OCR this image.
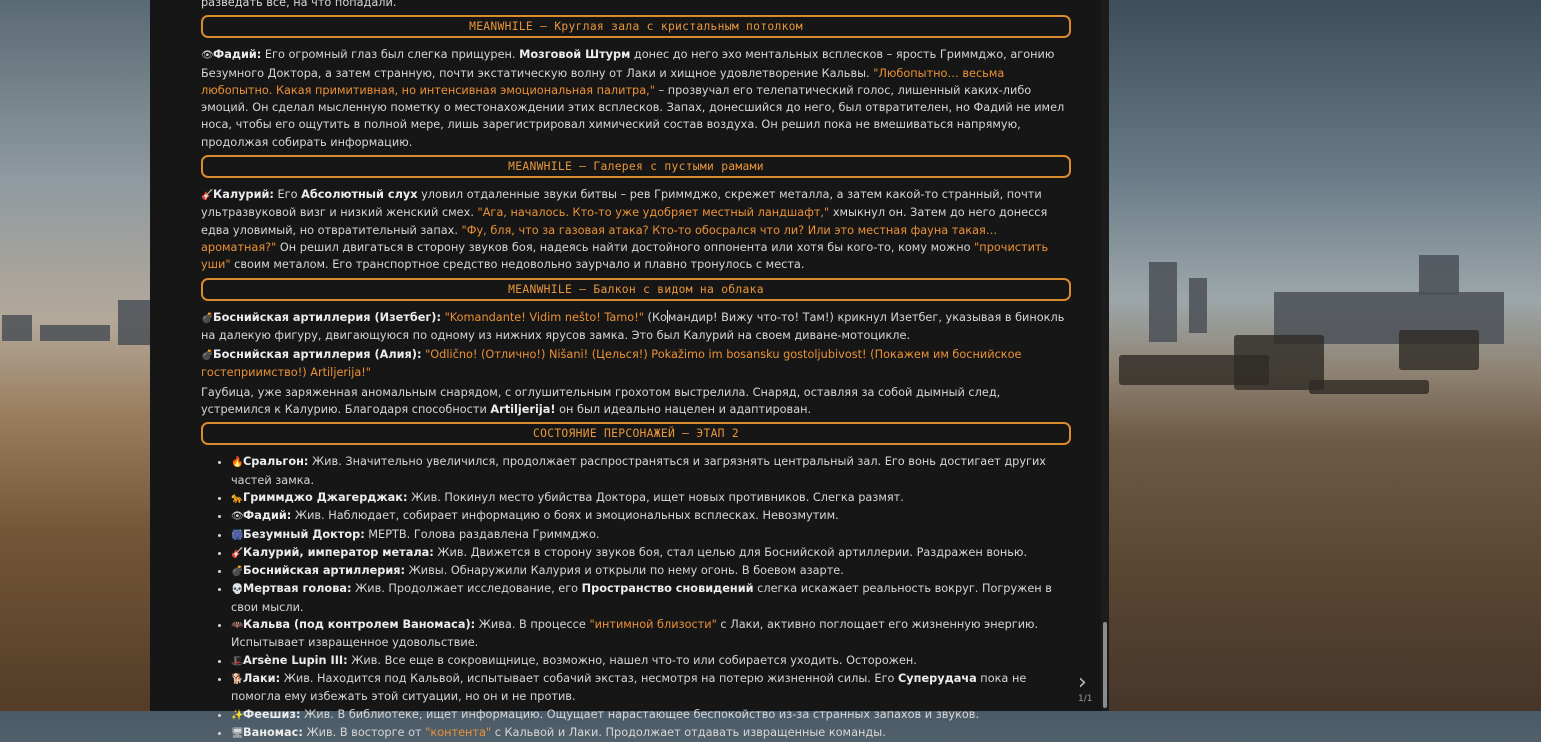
разведать все, на что попадали.
MEANWHILE – Круглая зала с кристальным потолком

👁Фадий: Его огромный глаз был слегка прищурен. Мозговой Штурм донес до него эхо ментальных всплесков – ярость Гриммджо, агонию Безумного Доктора, а затем странную, почти экстатическую волну от Лаки и хищное удовлетворение Кальвы. "Любопытно… весьма любопытно. Какая примитивная, но интенсивная эмоциональная палитра," – прозвучал его телепатический голос, лишенный каких-либо эмоций. Он сделал мысленную пометку о местонахождении этих всплесков. Запах, донесшийся до него, был отвратителен, но Фадий не имел носа, чтобы его ощутить в полной мере, лишь зарегистрировал химический состав воздуха. Он решил пока не вмешиваться напрямую, продолжая собирать информацию.

MEANWHILE – Галерея с пустыми рамами

🎸Калурий: Его Абсолютный слух уловил отдаленные звуки битвы – рев Гриммджо, скрежет металла, а затем какой-то странный, почти ультразвуковой визг и низкий женский смех. "Ага, началось. Кто-то уже удобряет местный ландшафт," хмыкнул он. Затем до него донесся едва уловимый, но отвратительный запах. "Фу, бля, что за газовая атака? Кто-то обосрался что ли? Или это местная фауна такая… ароматная?" Он решил двигаться в сторону звуков боя, надеясь найти достойного оппонента или хотя бы кого-то, кому можно "прочистить уши" своим металом. Его транспортное средство недовольно заурчало и плавно тронулось с места.

MEANWHILE – Балкон с видом на облака

💣Боснийская артиллерия (Изетбег): "Komandante! Vidim nešto! Tamo!" (Командир! Вижу что-то! Там!) крикнул Изетбег, указывая в бинокль на далекую фигуру, двигающуюся по одному из нижних ярусов замка. Это был Калурий на своем диване-мотоцикле.

💣Боснийская артиллерия (Алия): "Odlično! (Отлично!) Nišani! (Целься!) Pokažimo im bosansku gostoljubivost! (Покажем им боснийское гостеприимство!) Artiljerija!"

Гаубица, уже заряженная аномальным снарядом, с оглушительным грохотом выстрелила. Снаряд, оставляя за собой дымный след, устремился к Калурию. Благодаря способности Artiljerija! он был идеально нацелен и адаптирован.

СОСТОЯНИЕ ПЕРСОНАЖЕЙ – ЭТАП 2
• 🔥Сральгон: Жив. Значительно увеличился, продолжает распространяться и загрязнять центральный зал. Его вонь достигает других частей замка.
• 🐆Гриммджо Джагерджак: Жив. Покинул место убийства Доктора, ищет новых противников. Слегка размят.
• 👁Фадий: Жив. Наблюдает, собирает информацию о боях и эмоциональных всплесках. Невозмутим.
• 🎆Безумный Доктор: МЕРТВ. Голова раздавлена Гриммджо.
• 🎸Калурий, император метала: Жив. Движется в сторону звуков боя, стал целью для Боснийской артиллерии. Раздражен вонью.
• 💣Боснийская артиллерия: Живы. Обнаружили Калурия и открыли по нему огонь. В боевом азарте.
• 💀Мертвая голова: Жив. Продолжает исследование, его Пространство сновидений слегка искажает реальность вокруг. Погружен в свои мысли.
• 🦇Кальва (под контролем Ваномаса): Жива. В процессе "интимной близости" с Лаки, активно поглощает его жизненную энергию. Испытывает извращенное удовольствие.
• 🎩Arsène Lupin III: Жив. Все еще в сокровищнице, возможно, нашел что-то или собирается уходить. Осторожен.
• 🐕Лаки: Жив. Находится под Кальвой, испытывает собачий экстаз, несмотря на потерю жизненной силы. Его Суперудача пока не помогла ему избежать этой ситуации, но он и не против.
• ✨Феешиз: Жив. В библиотеке, ищет информацию. Ощущает нарастающее беспокойство из-за странных запахов и звуков.
• 🖥Ваномас: Жив. В восторге от "контента" с Кальвой и Лаки. Продолжает отдавать извращенные команды.
›
1/1
